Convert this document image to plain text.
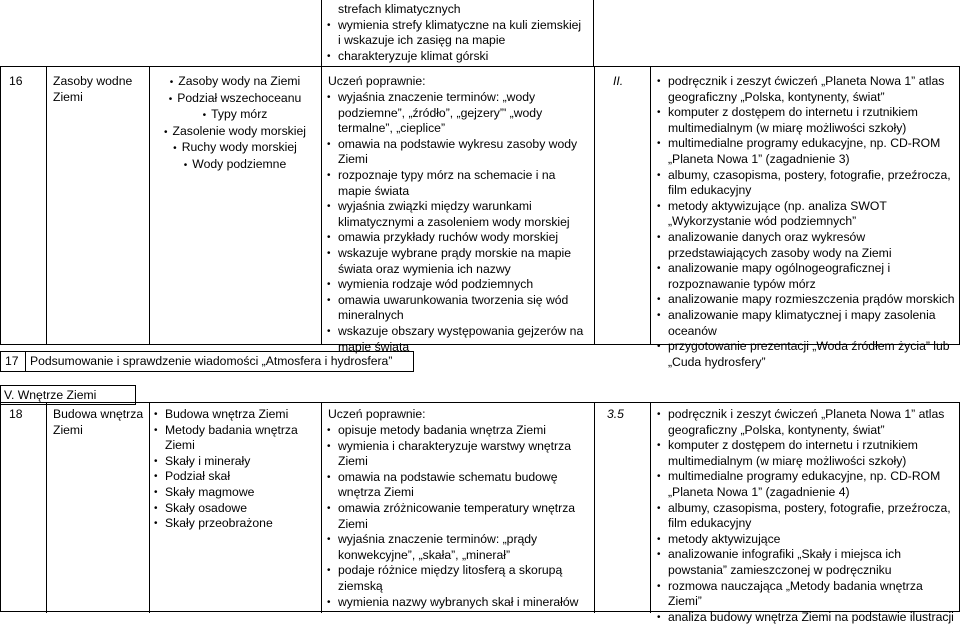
strefach klimatycznych
• wymienia strefy klimatyczne na kuli ziemskiej i wskazuje ich zasięg na mapie
• charakteryzuje klimat górski
16 Zasoby wodne Ziemi
• Zasoby wody na Ziemi
• Podział wszechoceanu
• Typy mórz
• Zasolenie wody morskiej
• Ruchy wody morskiej
• Wody podziemne
Uczeń poprawnie:
• wyjaśnia znaczenie terminów: „wody podziemne”, „źródło”, „gejzery”' „wody termalne”, „cieplice”
• omawia na podstawie wykresu zasoby wody Ziemi
• rozpoznaje typy mórz na schemacie i na mapie świata
• wyjaśnia związki między warunkami klimatycznymi a zasoleniem wody morskiej
• omawia przykłady ruchów wody morskiej
• wskazuje wybrane prądy morskie na mapie świata oraz wymienia ich nazwy
• wymienia rodzaje wód podziemnych
• omawia uwarunkowania tworzenia się wód mineralnych
• wskazuje obszary występowania gejzerów na mapie świata
II.	• podręcznik i zeszyt ćwiczeń „Planeta Nowa 1” atlas geograficzny „Polska, kontynenty, świat”
• komputer z dostępem do internetu i rzutnikiem multimedialnym (w miarę możliwości szkoły)
• multimedialne programy edukacyjne, np. CD-ROM „Planeta Nowa 1” (zagadnienie 3)
• albumy, czasopisma, postery, fotografie, przeźrocza, film edukacyjny
• metody aktywizujące (np. analiza SWOT „Wykorzystanie wód podziemnych”
• analizowanie danych oraz wykresów przedstawiających zasoby wody na Ziemi
• analizowanie mapy ogólnogeograficznej i rozpoznawanie typów mórz
• analizowanie mapy rozmieszczenia prądów morskich
• analizowanie mapy klimatycznej i mapy zasolenia oceanów
• przygotowanie prezentacji „Woda źródłem życia” lub „Cuda hydrosfery”
17 Podsumowanie i sprawdzenie wiadomości „Atmosfera i hydrosfera”
V. Wnętrze Ziemi
18 Budowa wnętrza Ziemi
• Budowa wnętrza Ziemi
• Metody badania wnętrza Ziemi
• Skały i minerały
• Podział skał
• Skały magmowe
• Skały osadowe
• Skały przeobrażone
Uczeń poprawnie:
• opisuje metody badania wnętrza Ziemi
• wymienia i charakteryzuje warstwy wnętrza Ziemi
• omawia na podstawie schematu budowę wnętrza Ziemi
• omawia zróżnicowanie temperatury wnętrza Ziemi
• wyjaśnia znaczenie terminów: „prądy konwekcyjne”, „skała”, „minerał”
• podaje różnice między litosferą a skorupą ziemską
• wymienia nazwy wybranych skał i minerałów
3.5	• podręcznik i zeszyt ćwiczeń „Planeta Nowa 1” atlas geograficzny „Polska, kontynenty, świat”
• komputer z dostępem do internetu i rzutnikiem multimedialnym (w miarę możliwości szkoły)
• multimedialne programy edukacyjne, np. CD-ROM „Planeta Nowa 1” (zagadnienie 4)
• albumy, czasopisma, postery, fotografie, przeźrocza, film edukacyjny
• metody aktywizujące
• analizowanie infografiki „Skały i miejsca ich powstania” zamieszczonej w podręczniku
• rozmowa nauczająca „Metody badania wnętrza Ziemi”
• analiza budowy wnętrza Ziemi na podstawie ilustracji
